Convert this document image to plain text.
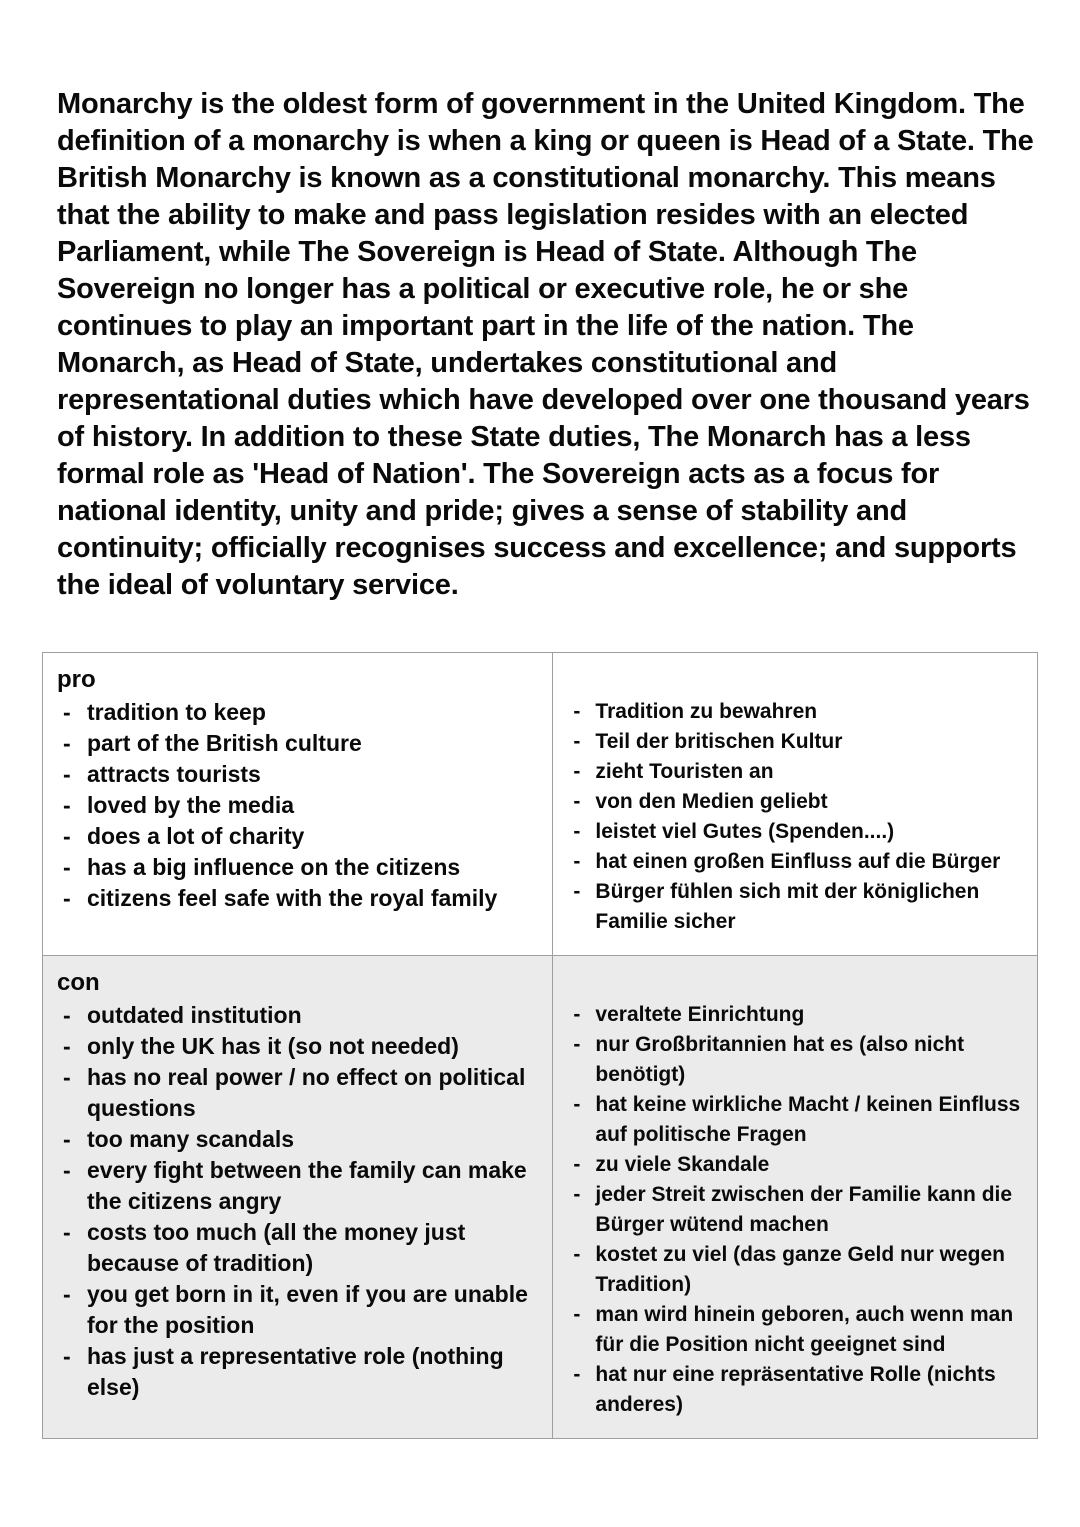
Monarchy is the oldest form of government in the United Kingdom. The definition of a monarchy is when a king or queen is Head of a State. The British Monarchy is known as a constitutional monarchy. This means that the ability to make and pass legislation resides with an elected Parliament, while The Sovereign is Head of State. Although The Sovereign no longer has a political or executive role, he or she continues to play an important part in the life of the nation. The Monarch, as Head of State, undertakes constitutional and representational duties which have developed over one thousand years of history. In addition to these State duties, The Monarch has a less formal role as 'Head of Nation'. The Sovereign acts as a focus for national identity, unity and pride; gives a sense of stability and continuity; officially recognises success and excellence; and supports the ideal of voluntary service.

pro
- tradition to keep
- part of the British culture
- attracts tourists
- loved by the media
- does a lot of charity
- has a big influence on the citizens
- citizens feel safe with the royal family
- Tradition zu bewahren
- Teil der britischen Kultur
- zieht Touristen an
- von den Medien geliebt
- leistet viel Gutes (Spenden....)
- hat einen großen Einfluss auf die Bürger
- Bürger fühlen sich mit der königlichen Familie sicher
con
- outdated institution
- only the UK has it (so not needed)
- has no real power / no effect on political questions
- too many scandals
- every fight between the family can make the citizens angry
- costs too much (all the money just because of tradition)
- you get born in it, even if you are unable for the position
- has just a representative role (nothing else)
- veraltete Einrichtung
- nur Großbritannien hat es (also nicht benötigt)
- hat keine wirkliche Macht / keinen Einfluss auf politische Fragen
- zu viele Skandale
- jeder Streit zwischen der Familie kann die Bürger wütend machen
- kostet zu viel (das ganze Geld nur wegen Tradition)
- man wird hinein geboren, auch wenn man für die Position nicht geeignet sind
- hat nur eine repräsentative Rolle (nichts anderes)
